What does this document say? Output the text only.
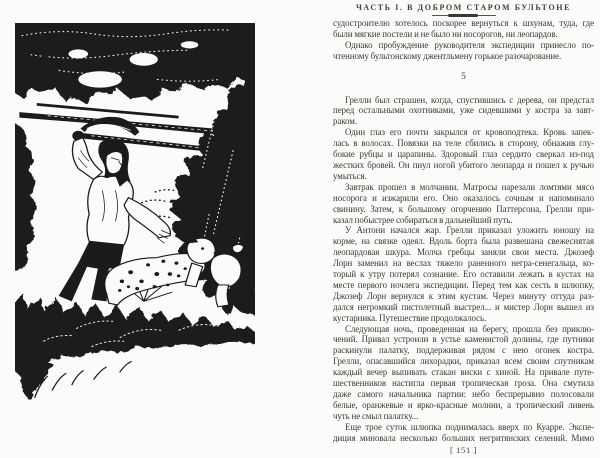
ЧАСТЬ I. В ДОБРОМ СТАРОМ БУЛЬТОНЕ
судостроителю хотелось поскорее вернуться к шхунам, туда, где
были мягкие постели и не было ни носорогов, ни леопардов.
Однако пробуждение руководителя экспедиции принесло по-
чтенному бультонскому джентльмену горькое разочарование.
5
Грелли был страшен, когда, спустившись с дерева, он предстал
перед остальными охотниками, уже сидевшими у костра за завт-
раком.
Один глаз его почти закрылся от кровоподтека. Кровь запек-
лась в волосах. Повязки на теле сбились в сторону, обнажив глу-
бокие рубцы и царапины. Здоровый глаз сердито сверкал из-под
жестких бровей. Он пнул ногой убитого леопарда и пошел к ручью
умыться.
Завтрак прошел в молчании. Матросы нарезали ломтями мясо
носорога и изжарили его. Оно оказалось сочным и напоминало
свинину. Затем, к большому огорчению Паттерсона, Грелли при-
казал побыстрее собираться в дальнейший путь.
У Антони начался жар. Грелли приказал уложить юношу на
корме, на связке одеял. Вдоль борта была развешана свежеснятая
леопардовая шкура. Молча гребцы заняли свои места. Джозеф
Лорн заменил на веслах тяжело раненного негра-сенегальца, ко-
торый к утру потерял сознание. Его оставили лежать в кустах на
месте первого ночлега экспедиции. Перед тем как сесть в шлюпку,
Джозеф Лорн вернулся к этим кустам. Через минуту оттуда раз-
дался негромкий пистолетный выстрел... и мистер Лорн вышел из
кустарника. Путешествие продолжалось.
Следующая ночь, проведенная на берегу, прошла без приклю-
чений. Привал устроили в устье каменистой долины, где путники
раскинули палатку, поддерживая рядом с нею огонек костра.
Грелли, опасавшийся лихорадки, приказал всем своим спутникам
каждый вечер выпивать стакан виски с хиной. На привале путе-
шественников настигла первая тропическая гроза. Она смутила
даже самого начальника партии: небо беспрерывно полосовали
белые, оранжевые и ярко-красные молнии, а тропический ливень
чуть не смыл палатку...
Еще трое суток шлюпка поднималась вверх по Куарре. Экспе-
диция миновала несколько больших негритянских селений. Мимо
[ 151 ]
